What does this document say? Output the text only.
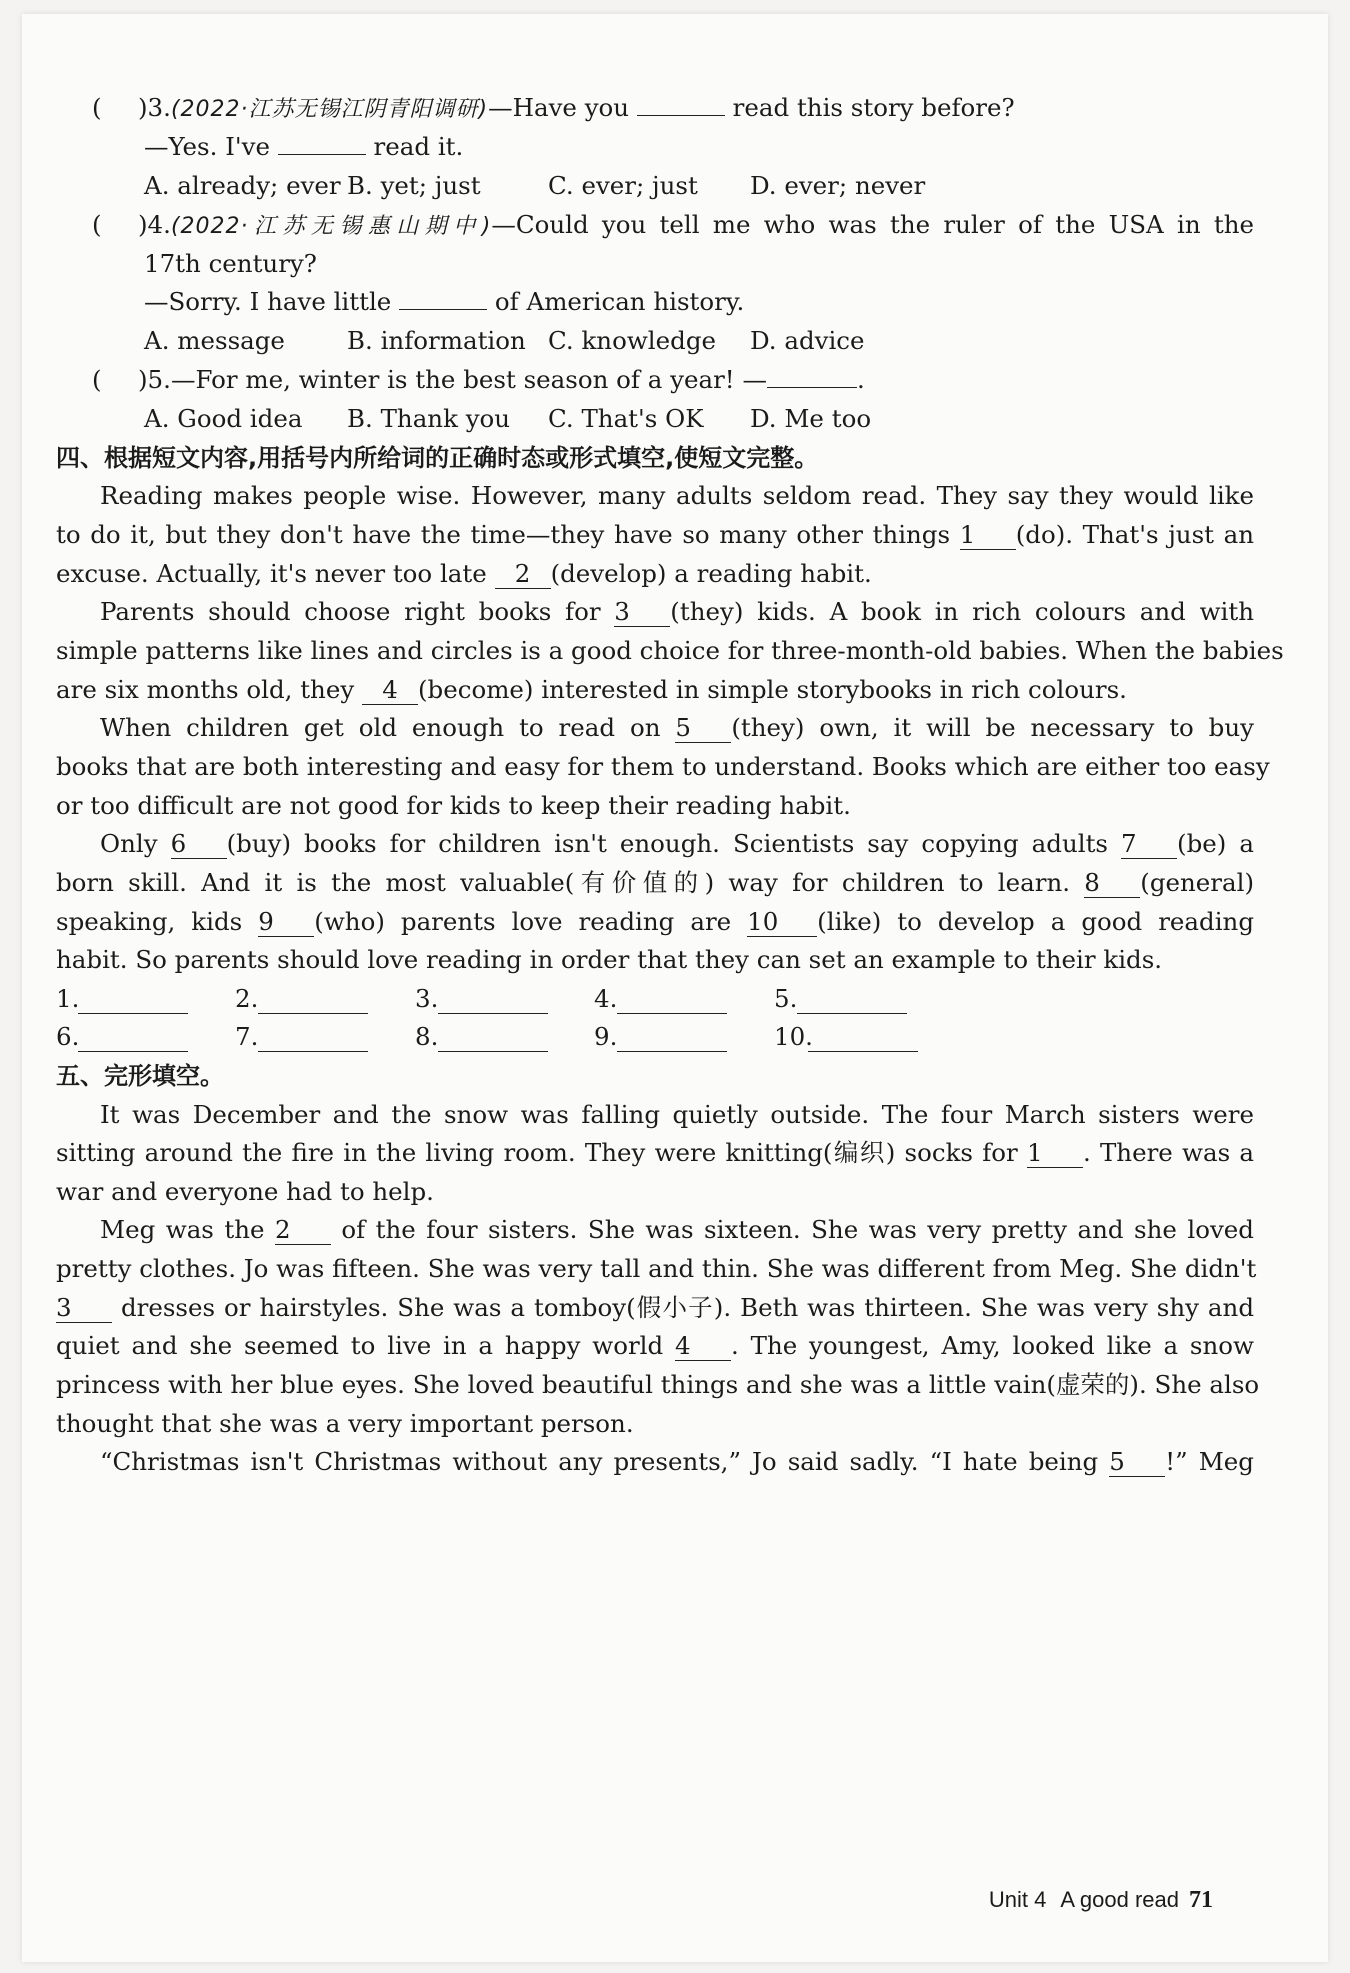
( )3.(2022·江苏无锡江阴青阳调研)—Have you	read this story before?
—Yes. I've	read it.
A. already; ever B. yet; just	C. ever; just D. ever; never
( )4.(2022·江苏无锡惠山期中)—Could you tell me who was the ruler of the USA in the
17th century?
—Sorry. I have little	of American history.
A. message	B. information C. knowledge D. advice
( )5.—For me, winter is the best season of a year! —	.
A. Good idea B. Thank you C. That's OK D. Me too
四、根据短文内容,用括号内所给词的正确时态或形式填空,使短文完整。
Reading makes people wise. However, many adults seldom read. They say they would like
to do it, but they don't have the time—they have so many other things 1 (do). That's just an
excuse. Actually, it's never too late 2 (develop) a reading habit.
Parents should choose right books for 3 (they) kids. A book in rich colours and with
simple patterns like lines and circles is a good choice for three-month-old babies. When the babies
are six months old, they 4 (become) interested in simple storybooks in rich colours.
When children get old enough to read on 5 (they) own, it will be necessary to buy
books that are both interesting and easy for them to understand. Books which are either too easy
or too difficult are not good for kids to keep their reading habit.
Only 6 (buy) books for children isn't enough. Scientists say copying adults 7 (be) a
born skill. And it is the most valuable(有价值的) way for children to learn. 8 (general)
speaking, kids 9 (who) parents love reading are 10 (like) to develop a good reading
habit. So parents should love reading in order that they can set an example to their kids.
1.	2.	3.	4.	5.
6.	7.	8.	9.	10.
五、完形填空。
It was December and the snow was falling quietly outside. The four March sisters were
sitting around the fire in the living room. They were knitting(编织) socks for 1 . There was a
war and everyone had to help.
Meg was the 2 of the four sisters. She was sixteen. She was very pretty and she loved
pretty clothes. Jo was fifteen. She was very tall and thin. She was different from Meg. She didn't
3 dresses or hairstyles. She was a tomboy(假小子). Beth was thirteen. She was very shy and
quiet and she seemed to live in a happy world 4 . The youngest, Amy, looked like a snow
princess with her blue eyes. She loved beautiful things and she was a little vain(虚荣的). She also
thought that she was a very important person.
“Christmas isn't Christmas without any presents,” Jo said sadly. “I hate being 5 !” Meg
Unit 4 A good read 71
